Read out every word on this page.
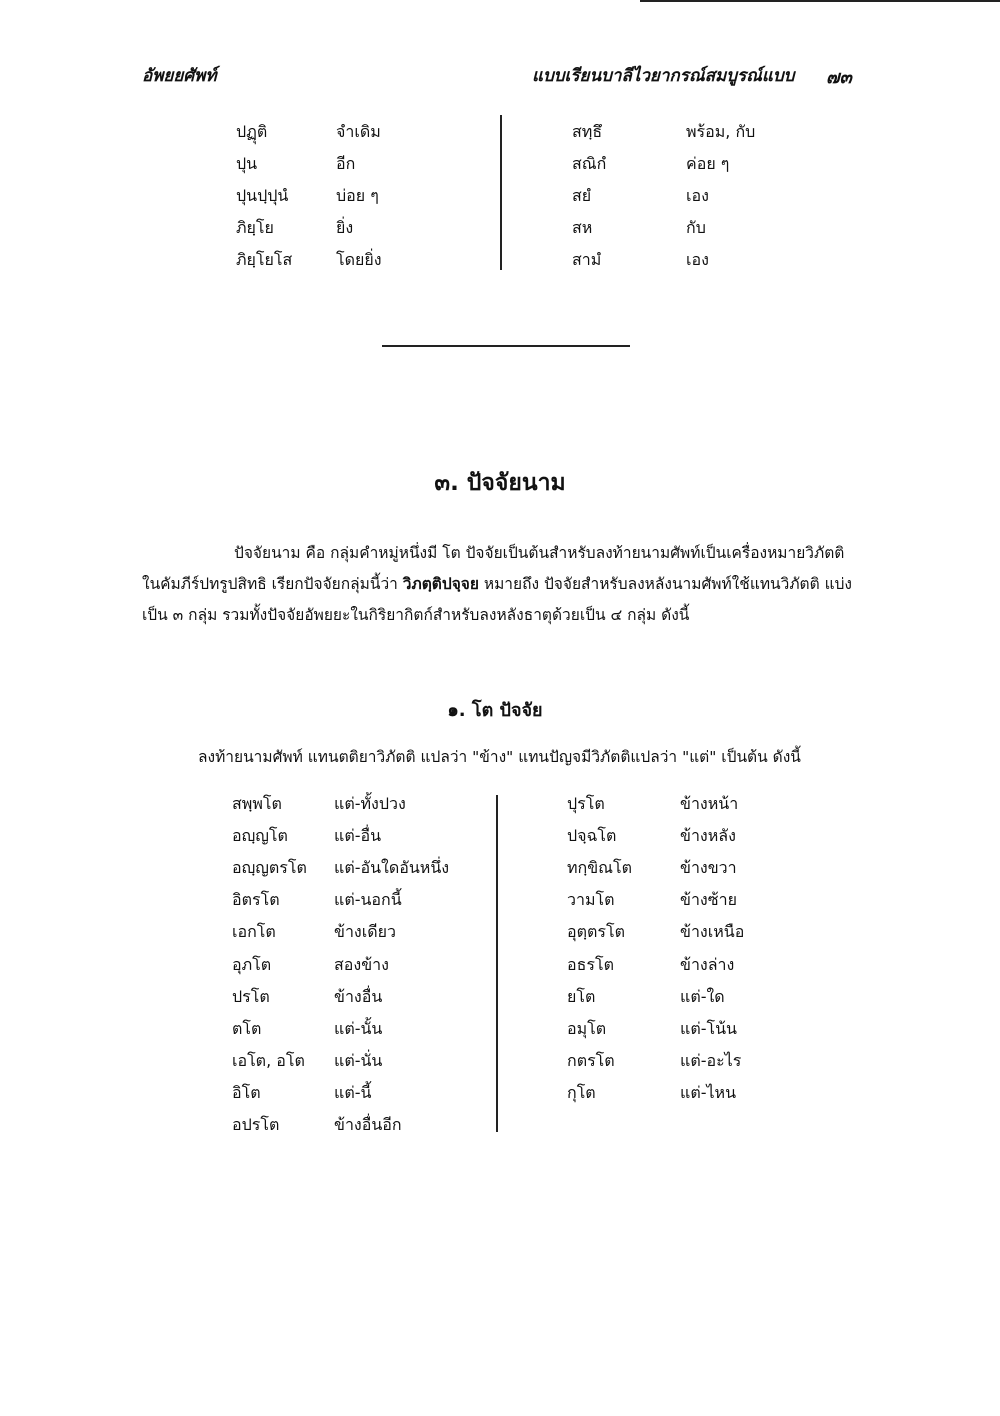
อัพยยศัพท์	แบบเรียนบาลีไวยากรณ์สมบูรณ์แบบ ๗๓
ปฏุติ	จำเดิม
ปุน	อีก
ปุนปฺปุนํ	บ่อย ๆ
ภิยฺโย	ยิ่ง
ภิยฺโยโส	โดยยิ่ง
สทฺธึ	พร้อม, กับ
สณิกํ	ค่อย ๆ
สยํ	เอง
สห	กับ
สามํ	เอง
๓. ปัจจัยนาม
ปัจจัยนาม คือ กลุ่มคำหมู่หนึ่งมี โต ปัจจัยเป็นต้นสำหรับลงท้ายนามศัพท์เป็นเครื่องหมายวิภัตติ
ในคัมภีร์ปทรูปสิทธิ เรียกปัจจัยกลุ่มนี้ว่า วิภตฺติปจฺจย หมายถึง ปัจจัยสำหรับลงหลังนามศัพท์ใช้แทนวิภัตติ แบ่ง
เป็น ๓ กลุ่ม รวมทั้งปัจจัยอัพยยะในกิริยากิตก์สำหรับลงหลังธาตุด้วยเป็น ๔ กลุ่ม ดังนี้
๑. โต ปัจจัย
ลงท้ายนามศัพท์ แทนตติยาวิภัตติ แปลว่า "ข้าง" แทนปัญจมีวิภัตติแปลว่า "แต่" เป็นต้น ดังนี้
สพฺพโต	แต่-ทั้งปวง
อญฺญโต	แต่-อื่น
อญฺญตรโต แต่-อันใดอันหนึ่ง
อิตรโต	แต่-นอกนี้
เอกโต	ข้างเดียว
อุภโต	สองข้าง
ปรโต	ข้างอื่น
ตโต	แต่-นั้น
เอโต, อโต แต่-นั่น
อิโต	แต่-นี้
อปรโต	ข้างอื่นอีก
ปุรโต	ข้างหน้า
ปจฺฉโต	ข้างหลัง
ทกฺขิณโต	ข้างขวา
วามโต	ข้างซ้าย
อุตฺตรโต	ข้างเหนือ
อธรโต	ข้างล่าง
ยโต	แต่-ใด
อมุโต	แต่-โน้น
กตรโต	แต่-อะไร
กุโต	แต่-ไหน
